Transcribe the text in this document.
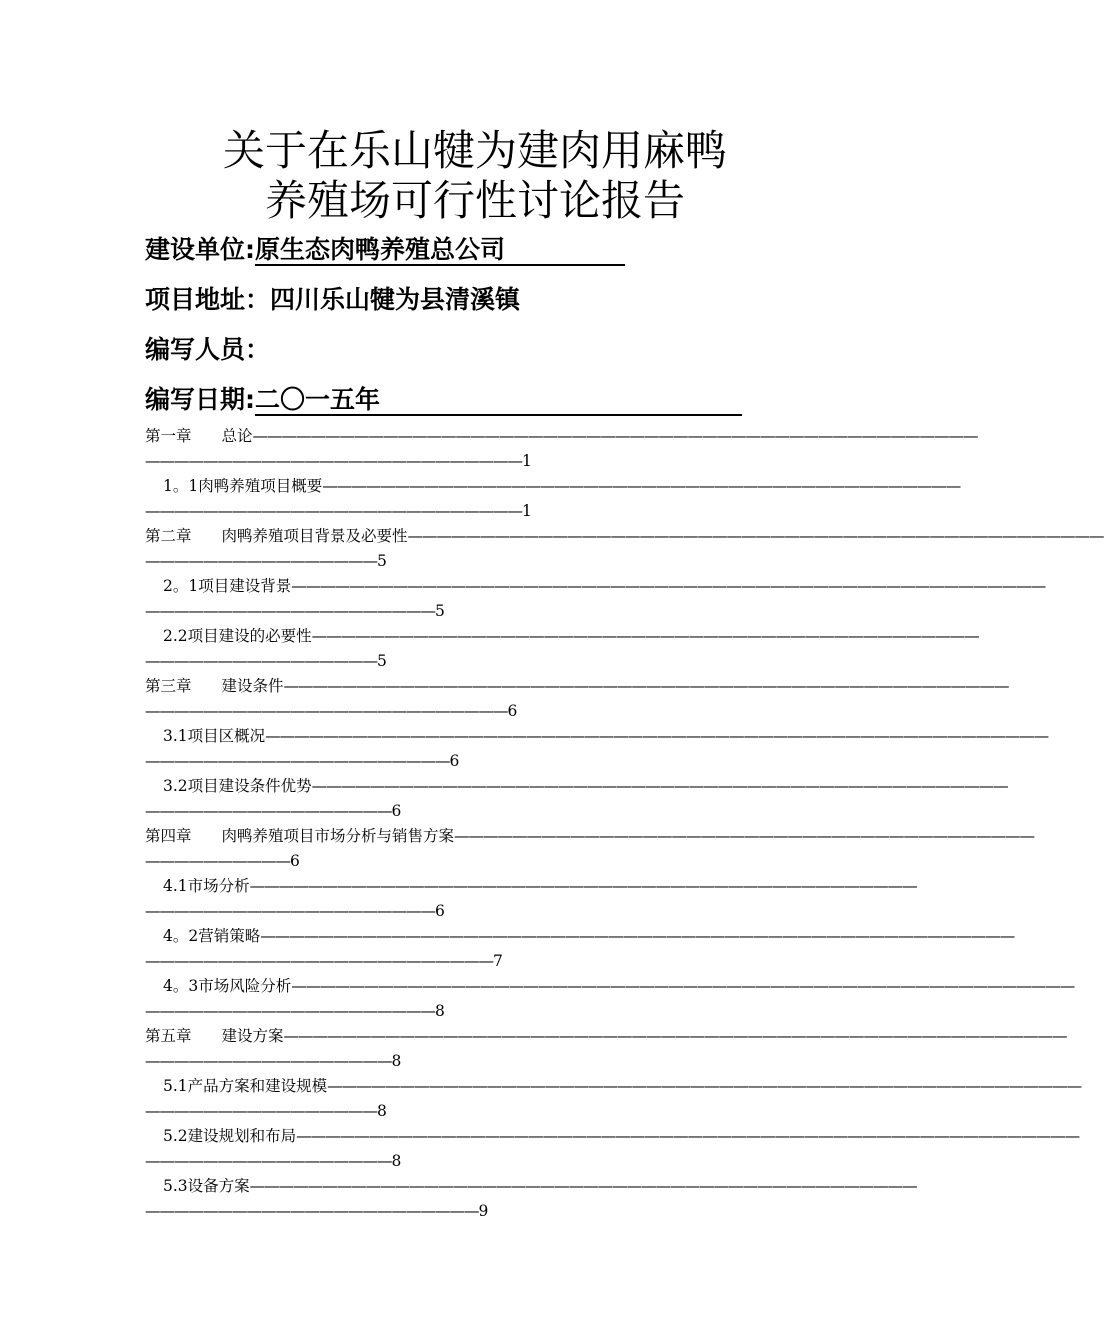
关于在乐山犍为建肉用麻鸭
养殖场可行性讨论报告
建设单位:原生态肉鸭养殖总公司
项目地址：四川乐山犍为县清溪镇
编写人员：
编写日期:二〇一五年
第一章 总论——————————————————————————————————————————————————
——————————————————————————1
1。1肉鸭养殖项目概要————————————————————————————————————————————
——————————————————————————1
第二章 肉鸭养殖项目背景及必要性————————————————————————————————————————————————
————————————————5
2。1项目建设背景————————————————————————————————————————————————————
————————————————————5
2.2项目建设的必要性——————————————————————————————————————————————
————————————————5
第三章 建设条件——————————————————————————————————————————————————
—————————————————————————6
3.1项目区概况——————————————————————————————————————————————————————
—————————————————————6
3.2项目建设条件优势————————————————————————————————————————————————
—————————————————6
第四章 肉鸭养殖项目市场分析与销售方案————————————————————————————————————————
——————————6
4.1市场分析——————————————————————————————————————————————
————————————————————6
4。2营销策略————————————————————————————————————————————————————
————————————————————————7
4。3市场风险分析——————————————————————————————————————————————————————
————————————————————8
第五章 建设方案——————————————————————————————————————————————————————
—————————————————8
5.1产品方案和建设规模————————————————————————————————————————————————————
————————————————8
5.2建设规划和布局——————————————————————————————————————————————————————
—————————————————8
5.3设备方案——————————————————————————————————————————————
———————————————————————9
